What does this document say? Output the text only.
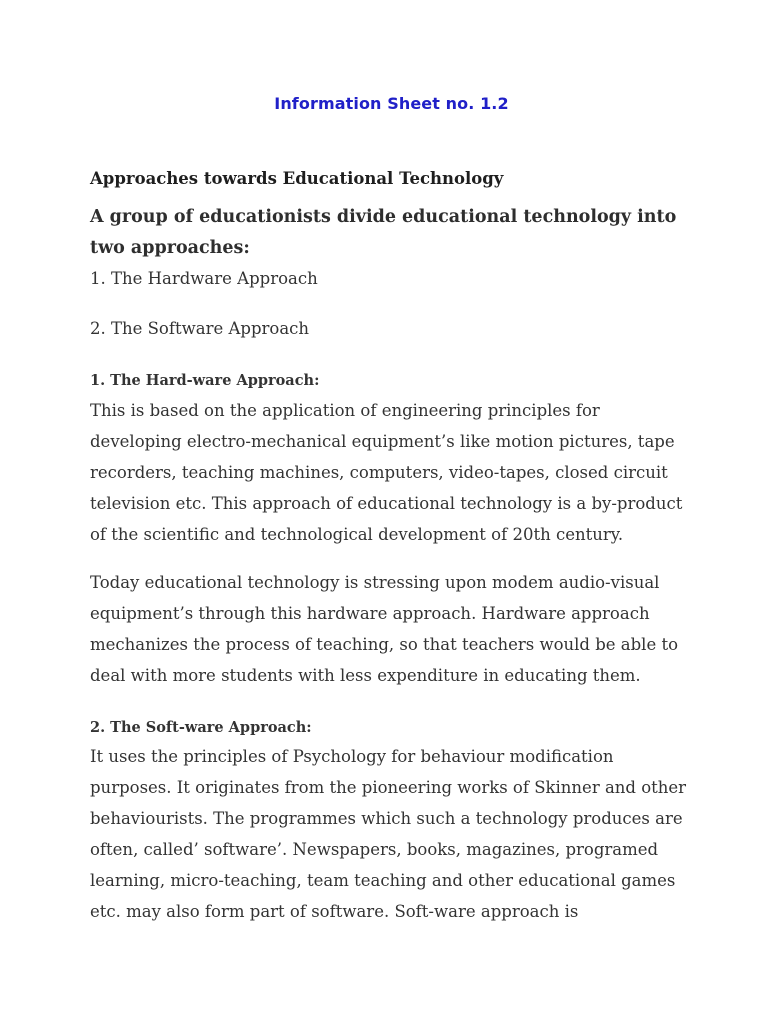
Information Sheet no. 1.2
Approaches towards Educational Technology

A group of educationists divide educational technology into two approaches:

1. The Hardware Approach

2. The Software Approach

1. The Hard-ware Approach:

This is based on the application of engineering principles for developing electro-mechanical equipment’s like motion pictures, tape recorders, teaching machines, computers, video-tapes, closed circuit television etc. This approach of educational technology is a by-product of the scientific and technological development of 20th century.

Today educational technology is stressing upon modem audio-visual equipment’s through this hardware approach. Hardware approach mechanizes the process of teaching, so that teachers would be able to deal with more students with less expenditure in educating them.

2. The Soft-ware Approach:

It uses the principles of Psychology for behaviour modification purposes. It originates from the pioneering works of Skinner and other behaviourists. The programmes which such a technology produces are often, called’ software’. Newspapers, books, magazines, programed learning, micro-teaching, team teaching and other educational games etc. may also form part of software. Soft-ware approach is
